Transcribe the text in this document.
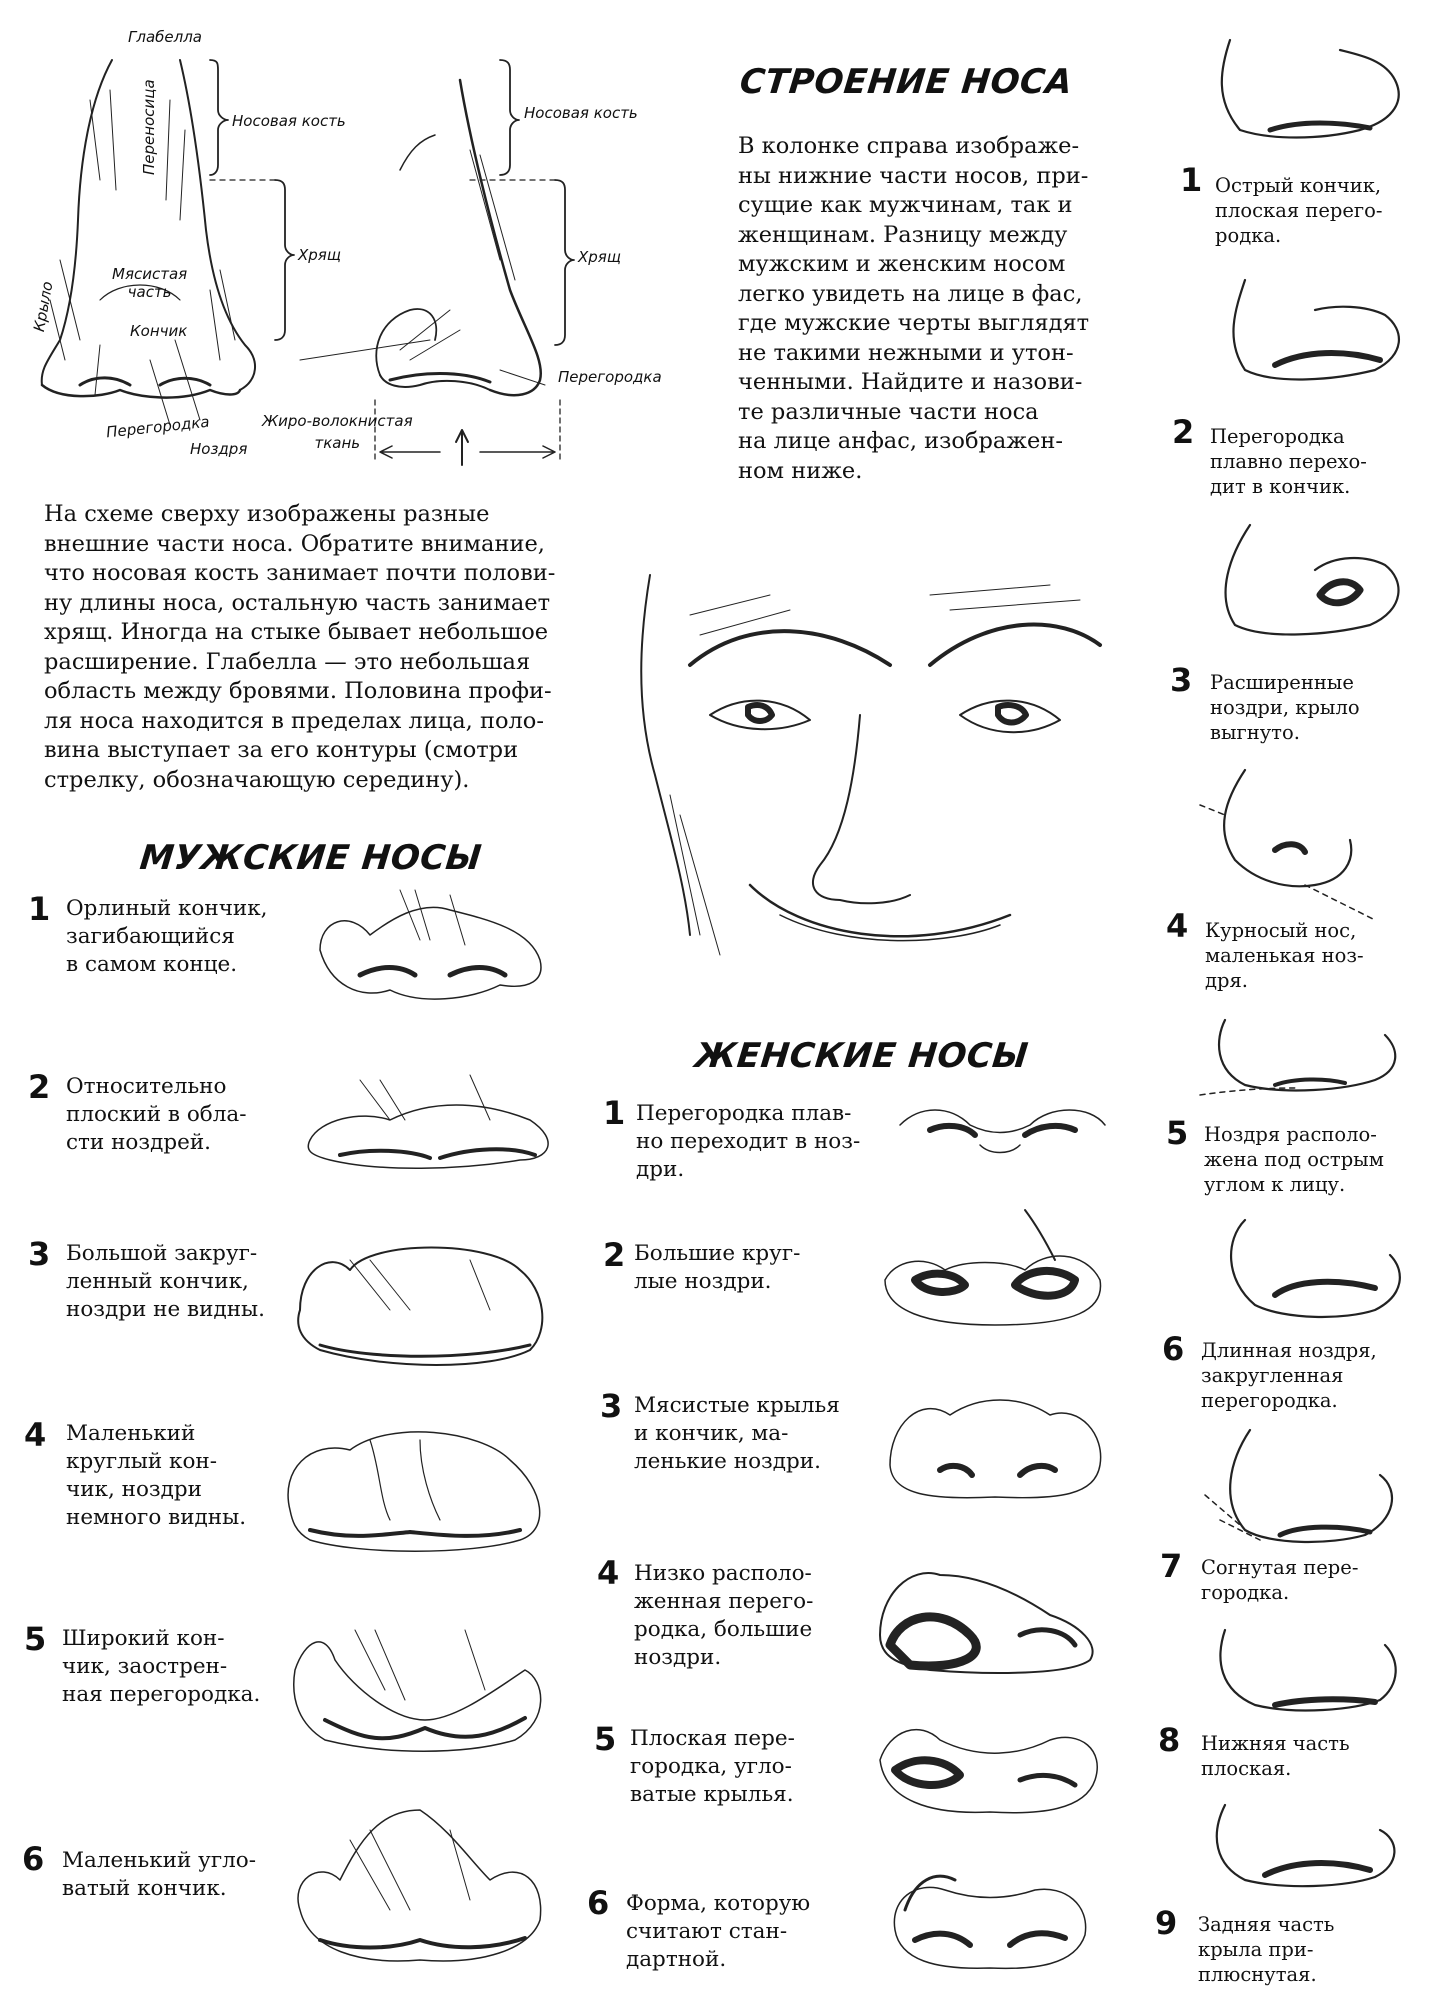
Глабелла
Переносица	Носовая кость
Хрящ
Носовая кость
Хрящ
Мясистая
часть
Крыло	Кончик
Перегородка
Ноздря
Жиро-волокнистая
ткань
Перегородка
На схеме сверху изображены разные
внешние части носа. Обратите внимание,
что носовая кость занимает почти полови-
ну длины носа, остальную часть занимает
хрящ. Иногда на стыке бывает небольшое
расширение. Глабелла — это небольшая
область между бровями. Половина профи-
ля носа находится в пределах лица, поло-
вина выступает за его контуры (смотри
стрелку, обозначающую середину).
СТРОЕНИЕ НОСА
В колонке справа изображе-
ны нижние части носов, при-
сущие как мужчинам, так и
женщинам. Разницу между
мужским и женским носом
легко увидеть на лице в фас,
где мужские черты выглядят
не такими нежными и утон-
ченными. Найдите и назови-
те различные части носа
на лице анфас, изображен-
ном ниже.
МУЖСКИЕ НОСЫ
1 Орлиный кончик,
загибающийся
в самом конце.
2 Относительно
плоский в обла-
сти ноздрей.
3 Большой закруг-
ленный кончик,
ноздри не видны.
4 Маленький
круглый кон-
чик, ноздри
немного видны.
5 Широкий кон-
чик, заострен-
ная перегородка.
6 Маленький угло-
ватый кончик.
ЖЕНСКИЕ НОСЫ
1 Перегородка плав-
но переходит в ноз-
дри.
2 Большие круг-
лые ноздри.
3 Мясистые крылья
и кончик, ма-
ленькие ноздри.
4 Низко располо-
женная перего-
родка, большие
ноздри.
5 Плоская пере-
городка, угло-
ватые крылья.
6 Форма, которую
считают стан-
дартной.
1 Острый кончик,
плоская перего-
родка.
2 Перегородка
плавно перехо-
дит в кончик.
3 Расширенные
ноздри, крыло
выгнуто.
4 Курносый нос,
маленькая ноз-
дря.
5 Ноздря располо-
жена под острым
углом к лицу.
6 Длинная ноздря,
закругленная
перегородка.
7 Согнутая пере-
городка.
8 Нижняя часть
плоская.
9 Задняя часть
крыла при-
плюснутая.
